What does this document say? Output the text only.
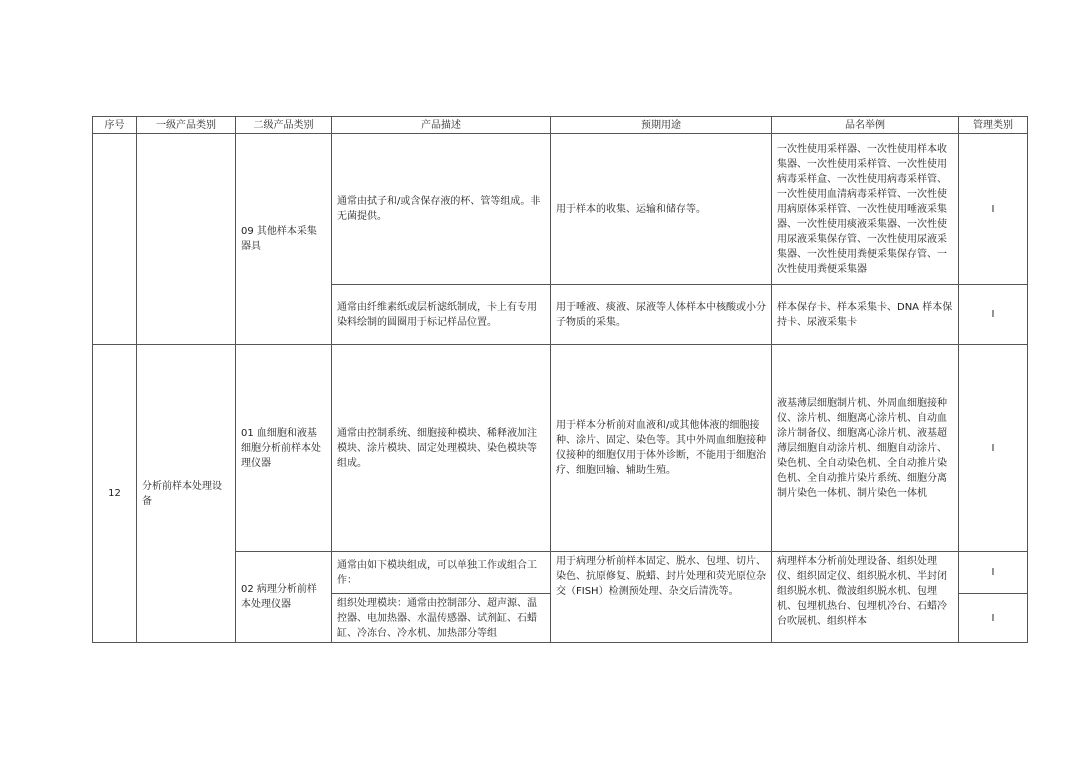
序号	一级产品类别	二级产品类别	产品描述	预期用途	品名举例	管理类别
		09 其他样本采集器具	通常由拭子和/或含保存液的杯、管等组成。非无菌提供。	用于样本的收集、运输和储存等。	一次性使用采样器、一次性使用样本收集器、一次性使用采样管、一次性使用病毒采样盒、一次性使用病毒采样管、一次性使用血清病毒采样管、一次性使用病原体采样管、一次性使用唾液采集器、一次性使用痰液采集器、一次性使用尿液采集保存管、一次性使用尿液采集器、一次性使用粪便采集保存管、一次性使用粪便采集器	I
			通常由纤维素纸或层析滤纸制成，卡上有专用染料绘制的圆圈用于标记样品位置。	用于唾液、痰液、尿液等人体样本中核酸或小分子物质的采集。	样本保存卡、样本采集卡、DNA 样本保持卡、尿液采集卡	I
12	分析前样本处理设备	01 血细胞和液基细胞分析前样本处理仪器	通常由控制系统、细胞接种模块、稀释液加注模块、涂片模块、固定处理模块、染色模块等组成。	用于样本分析前对血液和/或其他体液的细胞接种、涂片、固定、染色等。其中外周血细胞接种仪接种的细胞仅用于体外诊断，不能用于细胞治疗、细胞回输、辅助生殖。	液基薄层细胞制片机、外周血细胞接种仪、涂片机、细胞离心涂片机、自动血涂片制备仪、细胞离心涂片机、液基超薄层细胞自动涂片机、细胞自动涂片、染色机、全自动染色机、全自动推片染色机、全自动推片染片系统、细胞分离制片染色一体机、制片染色一体机	I
		02 病理分析前样本处理仪器	通常由如下模块组成，可以单独工作或组合工作：	用于病理分析前样本固定、脱水、包埋、切片、染色、抗原修复、脱蜡、封片处理和荧光原位杂交（FISH）检测预处理、杂交后清洗等。	病理样本分析前处理设备、组织处理仪、组织固定仪、组织脱水机、半封闭组织脱水机、微波组织脱水机、包埋机、包埋机热台、包埋机冷台、石蜡冷台吹展机、组织样本	I

			组织处理模块：通常由控制部分、超声源、温控器、电加热器、水温传感器、试剂缸、石蜡缸、冷冻台、冷水机、加热部分等组			I
